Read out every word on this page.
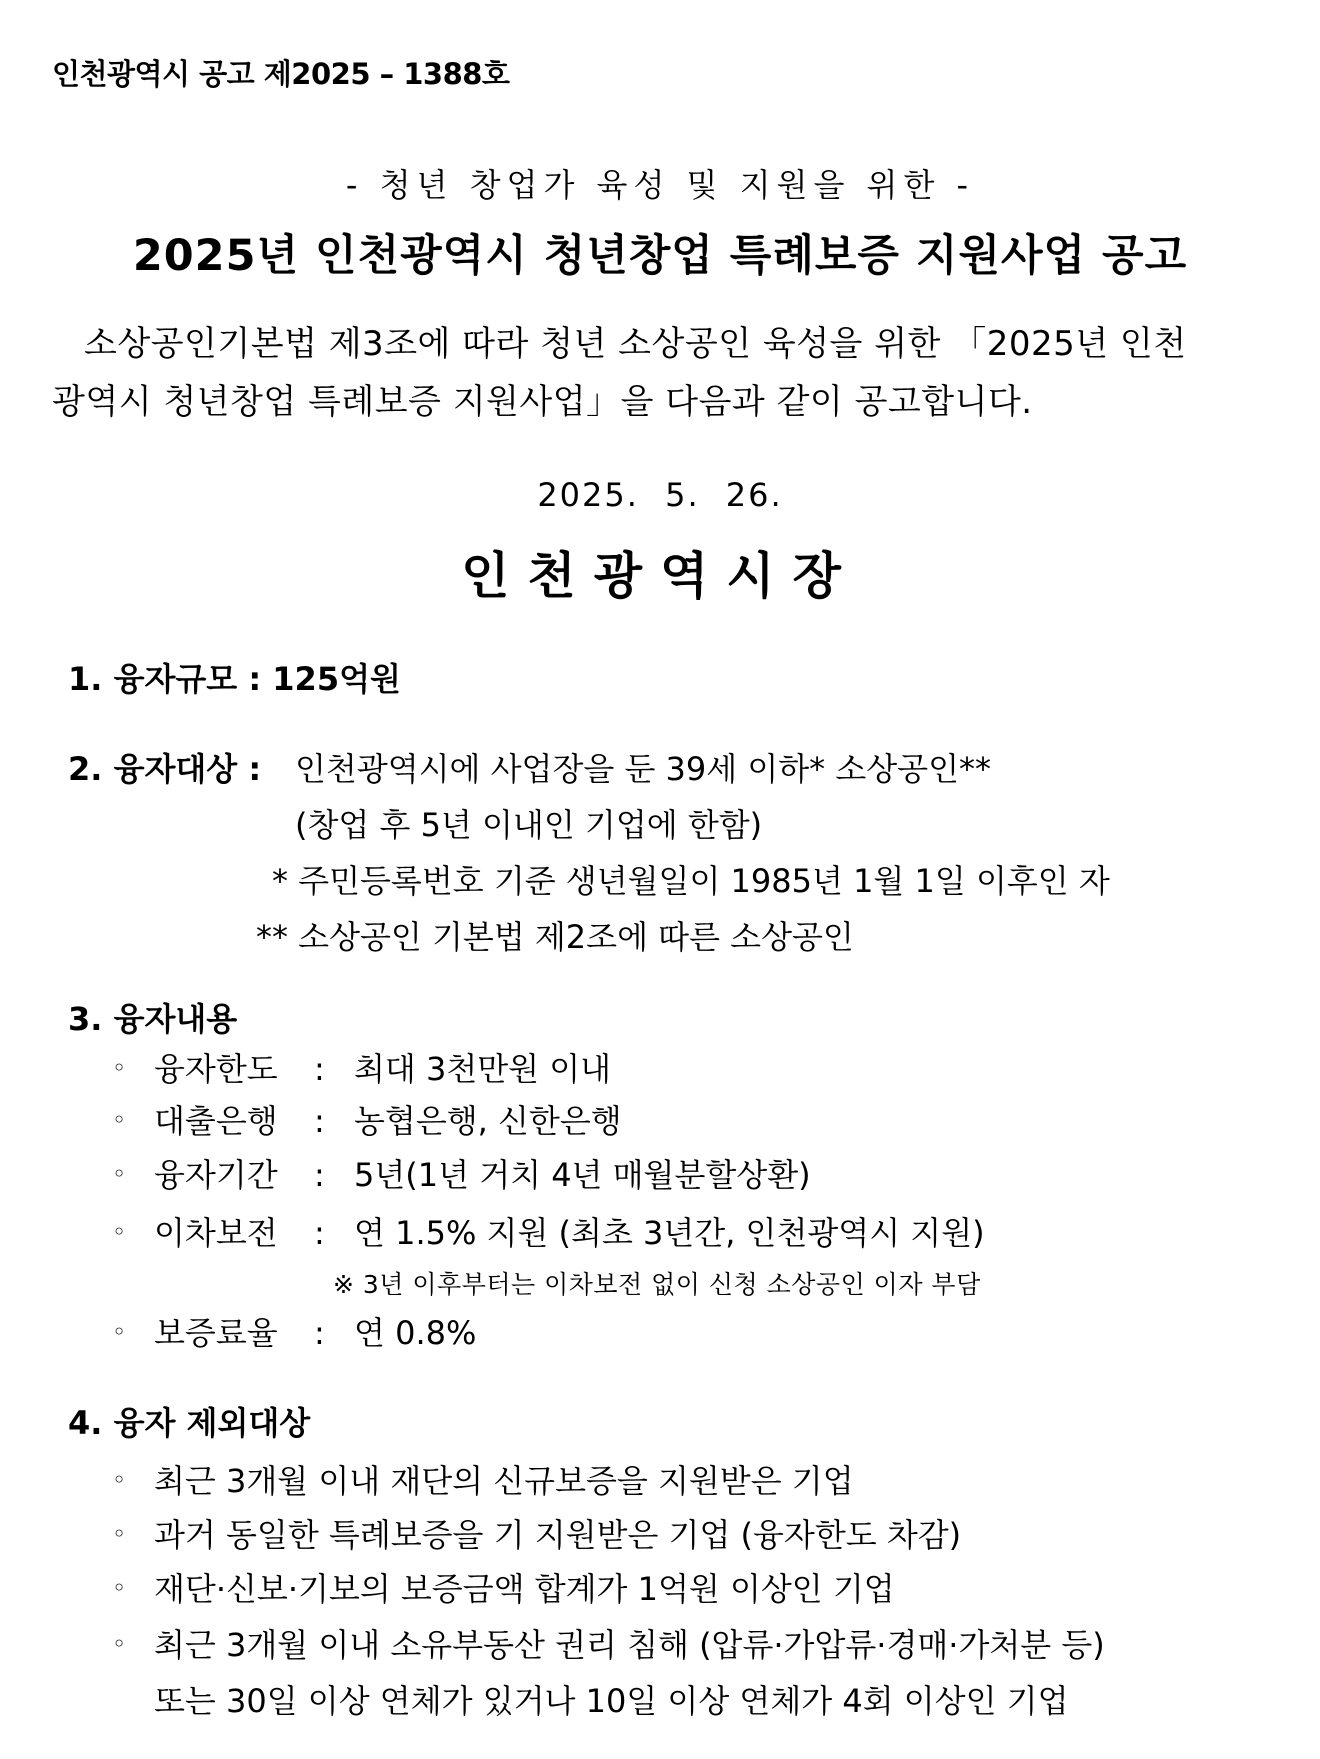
인천광역시 공고 제2025 – 1388호
- 청년 창업가 육성 및 지원을 위한 -
2025년 인천광역시 청년창업 특례보증 지원사업 공고
소상공인기본법 제3조에 따라 청년 소상공인 육성을 위한 「2025년 인천
광역시 청년창업 특례보증 지원사업」을 다음과 같이 공고합니다.
2025. 5. 26.
인천광역시장
1. 융자규모 : 125억원
2. 융자대상 : 인천광역시에 사업장을 둔 39세 이하* 소상공인**
(창업 후 5년 이내인 기업에 한함)
* 주민등록번호 기준 생년월일이 1985년 1월 1일 이후인 자
** 소상공인 기본법 제2조에 따른 소상공인
3. 융자내용
◦ 융자한도 : 최대 3천만원 이내
◦ 대출은행 : 농협은행, 신한은행
◦ 융자기간 : 5년(1년 거치 4년 매월분할상환)
◦ 이차보전 : 연 1.5% 지원 (최초 3년간, 인천광역시 지원)
※ 3년 이후부터는 이차보전 없이 신청 소상공인 이자 부담
◦ 보증료율 : 연 0.8%
4. 융자 제외대상
◦ 최근 3개월 이내 재단의 신규보증을 지원받은 기업
◦ 과거 동일한 특례보증을 기 지원받은 기업 (융자한도 차감)
◦ 재단·신보·기보의 보증금액 합계가 1억원 이상인 기업
◦ 최근 3개월 이내 소유부동산 권리 침해 (압류·가압류·경매·가처분 등)
또는 30일 이상 연체가 있거나 10일 이상 연체가 4회 이상인 기업
